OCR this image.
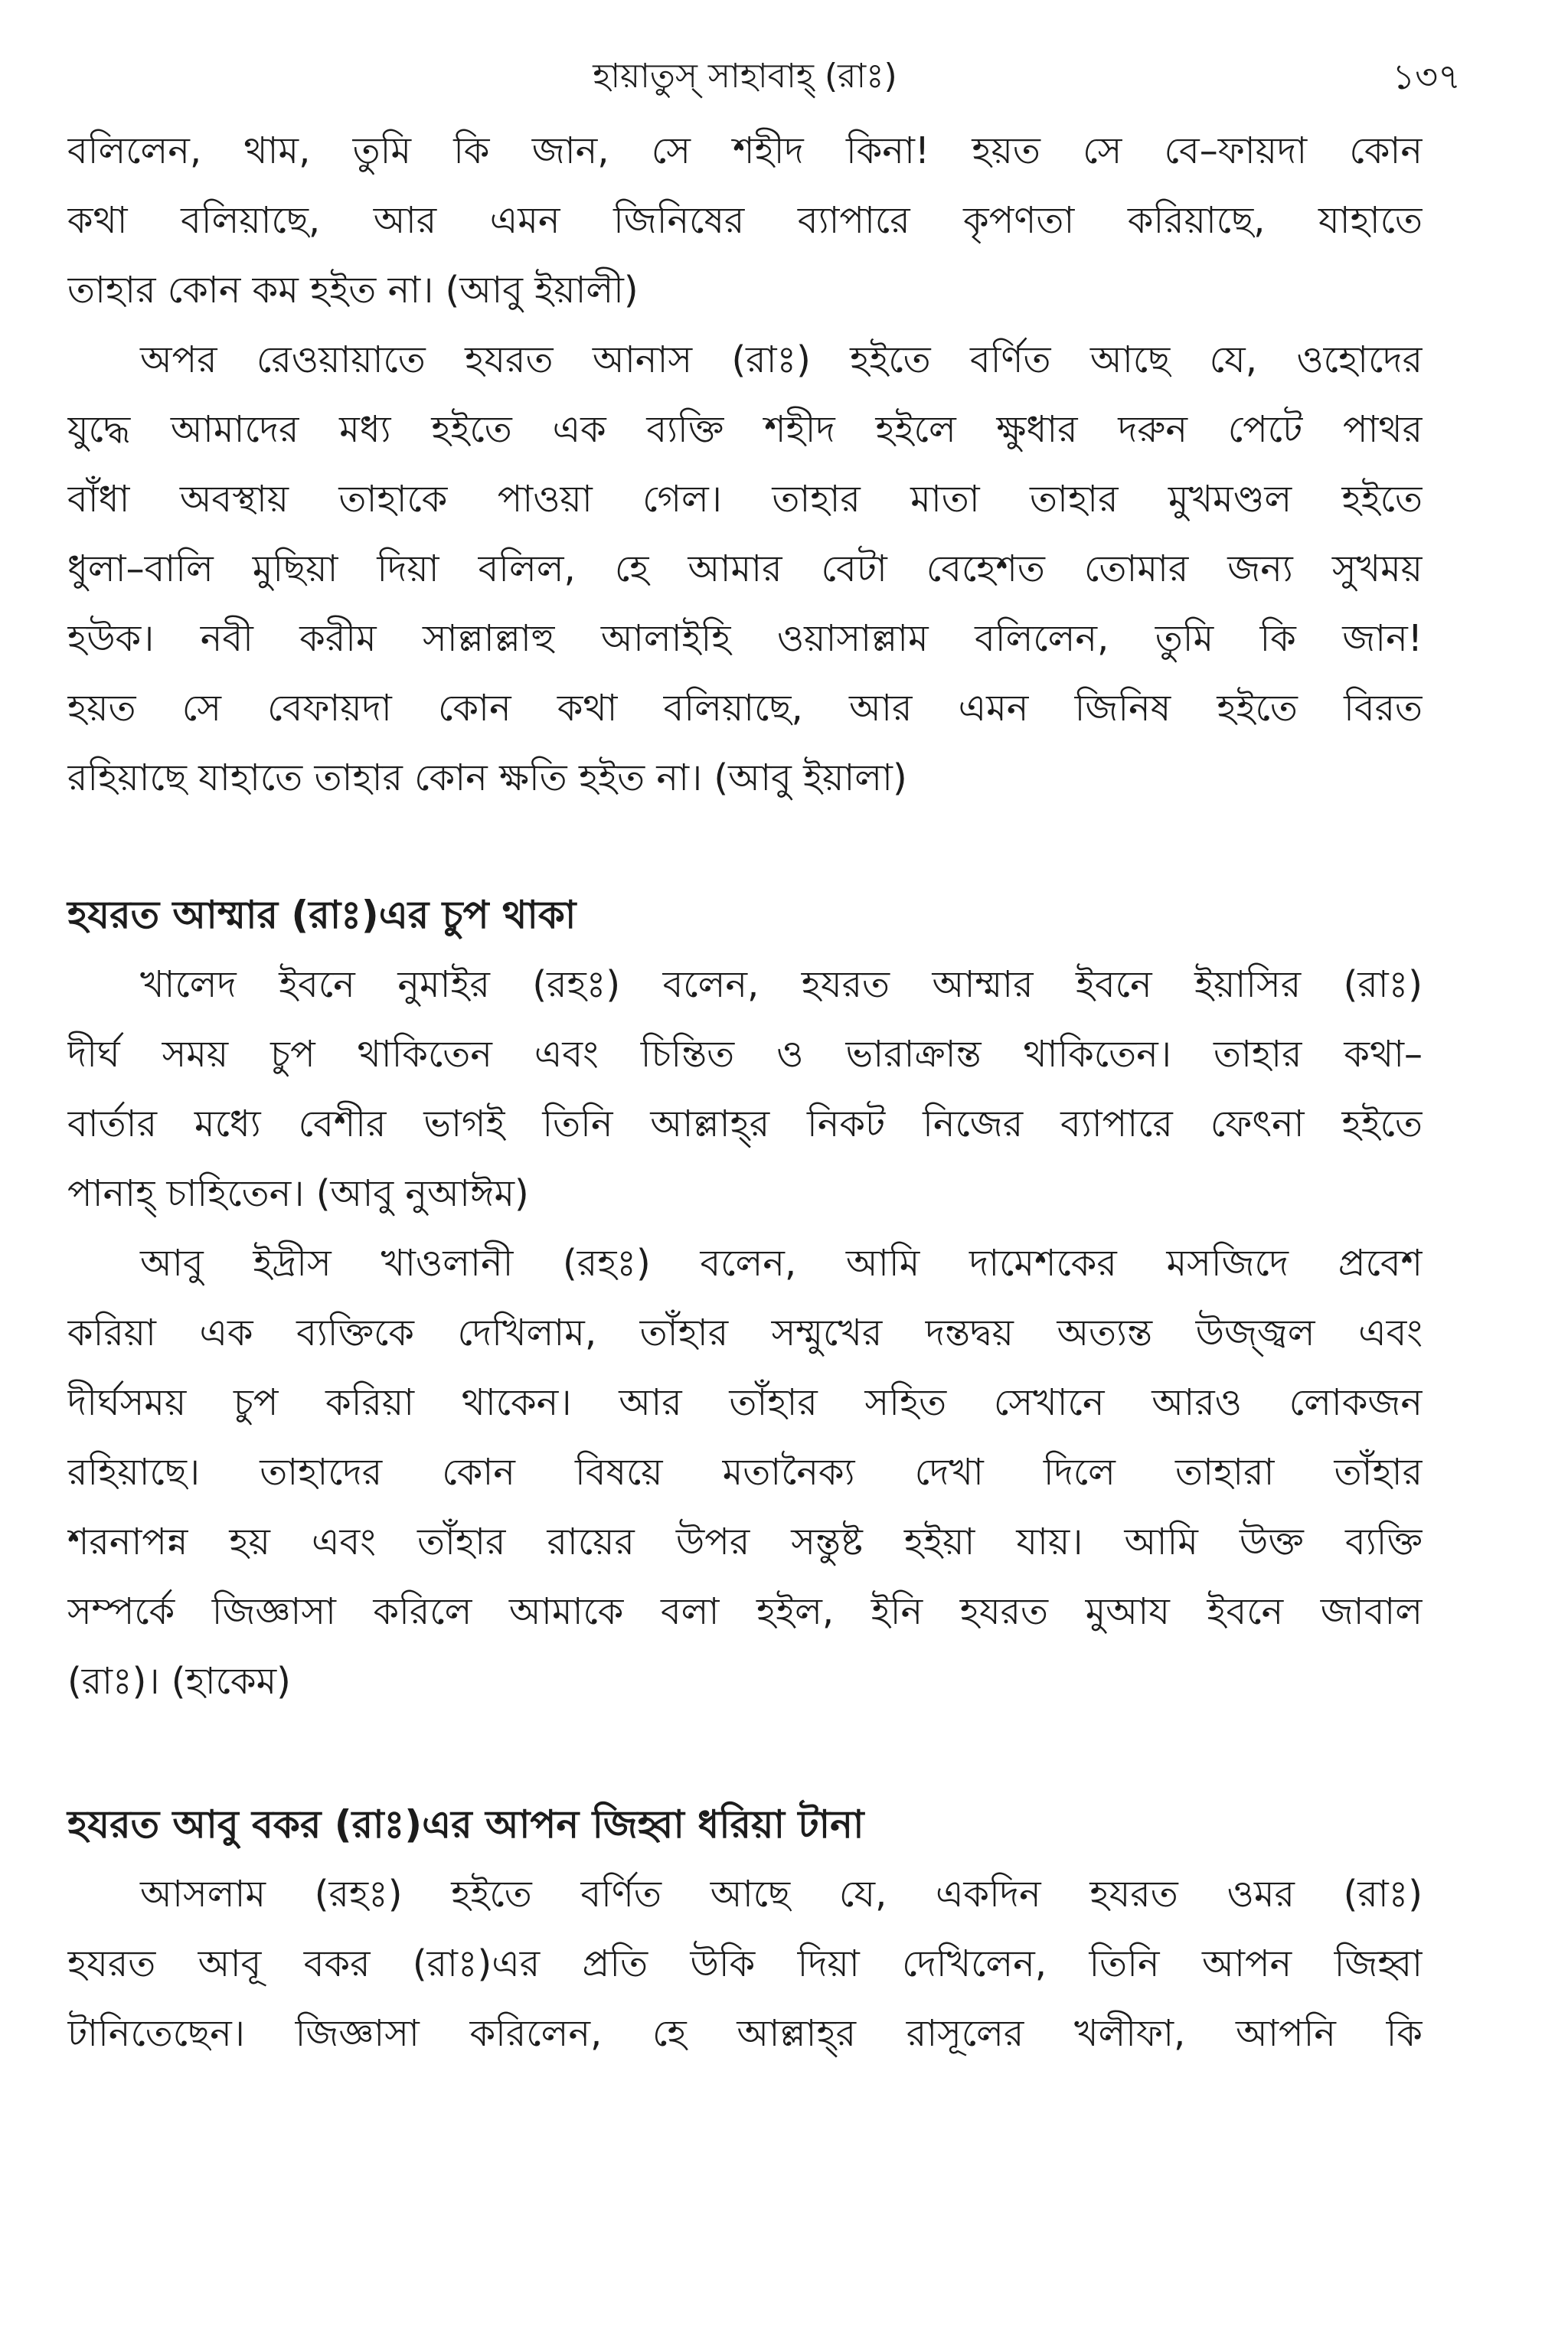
হায়াতুস্‌ সাহাবাহ্‌ (রাঃ)	১৩৭

বলিলেন, থাম, তুমি কি জান, সে শহীদ কিনা! হয়ত সে বে–ফায়দা কোন
কথা বলিয়াছে, আর এমন জিনিষের ব্যাপারে কৃপণতা করিয়াছে, যাহাতে
তাহার কোন কম হইত না। (আবু ইয়ালী)

অপর রেওয়ায়াতে হযরত আনাস (রাঃ) হইতে বর্ণিত আছে যে, ওহোদের
যুদ্ধে আমাদের মধ্য হইতে এক ব্যক্তি শহীদ হইলে ক্ষুধার দরুন পেটে পাথর
বাঁধা অবস্থায় তাহাকে পাওয়া গেল। তাহার মাতা তাহার মুখমণ্ডল হইতে
ধুলা–বালি মুছিয়া দিয়া বলিল, হে আমার বেটা বেহেশত তোমার জন্য সুখময়
হউক। নবী করীম সাল্লাল্লাহু আলাইহি ওয়াসাল্লাম বলিলেন, তুমি কি জান!
হয়ত সে বেফায়দা কোন কথা বলিয়াছে, আর এমন জিনিষ হইতে বিরত
রহিয়াছে যাহাতে তাহার কোন ক্ষতি হইত না। (আবু ইয়ালা)

হযরত আম্মার (রাঃ)এর চুপ থাকা

খালেদ ইবনে নুমাইর (রহঃ) বলেন, হযরত আম্মার ইবনে ইয়াসির (রাঃ)
দীর্ঘ সময় চুপ থাকিতেন এবং চিন্তিত ও ভারাক্রান্ত থাকিতেন। তাহার কথা–
বার্তার মধ্যে বেশীর ভাগই তিনি আল্লাহ্‌র নিকট নিজের ব্যাপারে ফেৎনা হইতে
পানাহ্‌ চাহিতেন। (আবু নুআঈম)

আবু ইদ্রীস খাওলানী (রহঃ) বলেন, আমি দামেশকের মসজিদে প্রবেশ
করিয়া এক ব্যক্তিকে দেখিলাম, তাঁহার সম্মুখের দন্তদ্বয় অত্যন্ত উজ্জ্বল এবং
দীর্ঘসময় চুপ করিয়া থাকেন। আর তাঁহার সহিত সেখানে আরও লোকজন
রহিয়াছে। তাহাদের কোন বিষয়ে মতানৈক্য দেখা দিলে তাহারা তাঁহার
শরনাপন্ন হয় এবং তাঁহার রায়ের উপর সন্তুষ্ট হইয়া যায়। আমি উক্ত ব্যক্তি
সম্পর্কে জিজ্ঞাসা করিলে আমাকে বলা হইল, ইনি হযরত মুআয ইবনে জাবাল
(রাঃ)। (হাকেম)

হযরত আবু বকর (রাঃ)এর আপন জিহ্বা ধরিয়া টানা

আসলাম (রহঃ) হইতে বর্ণিত আছে যে, একদিন হযরত ওমর (রাঃ)
হযরত আবূ বকর (রাঃ)এর প্রতি উকি দিয়া দেখিলেন, তিনি আপন জিহ্বা
টানিতেছেন। জিজ্ঞাসা করিলেন, হে আল্লাহ্‌র রাসূলের খলীফা, আপনি কি
